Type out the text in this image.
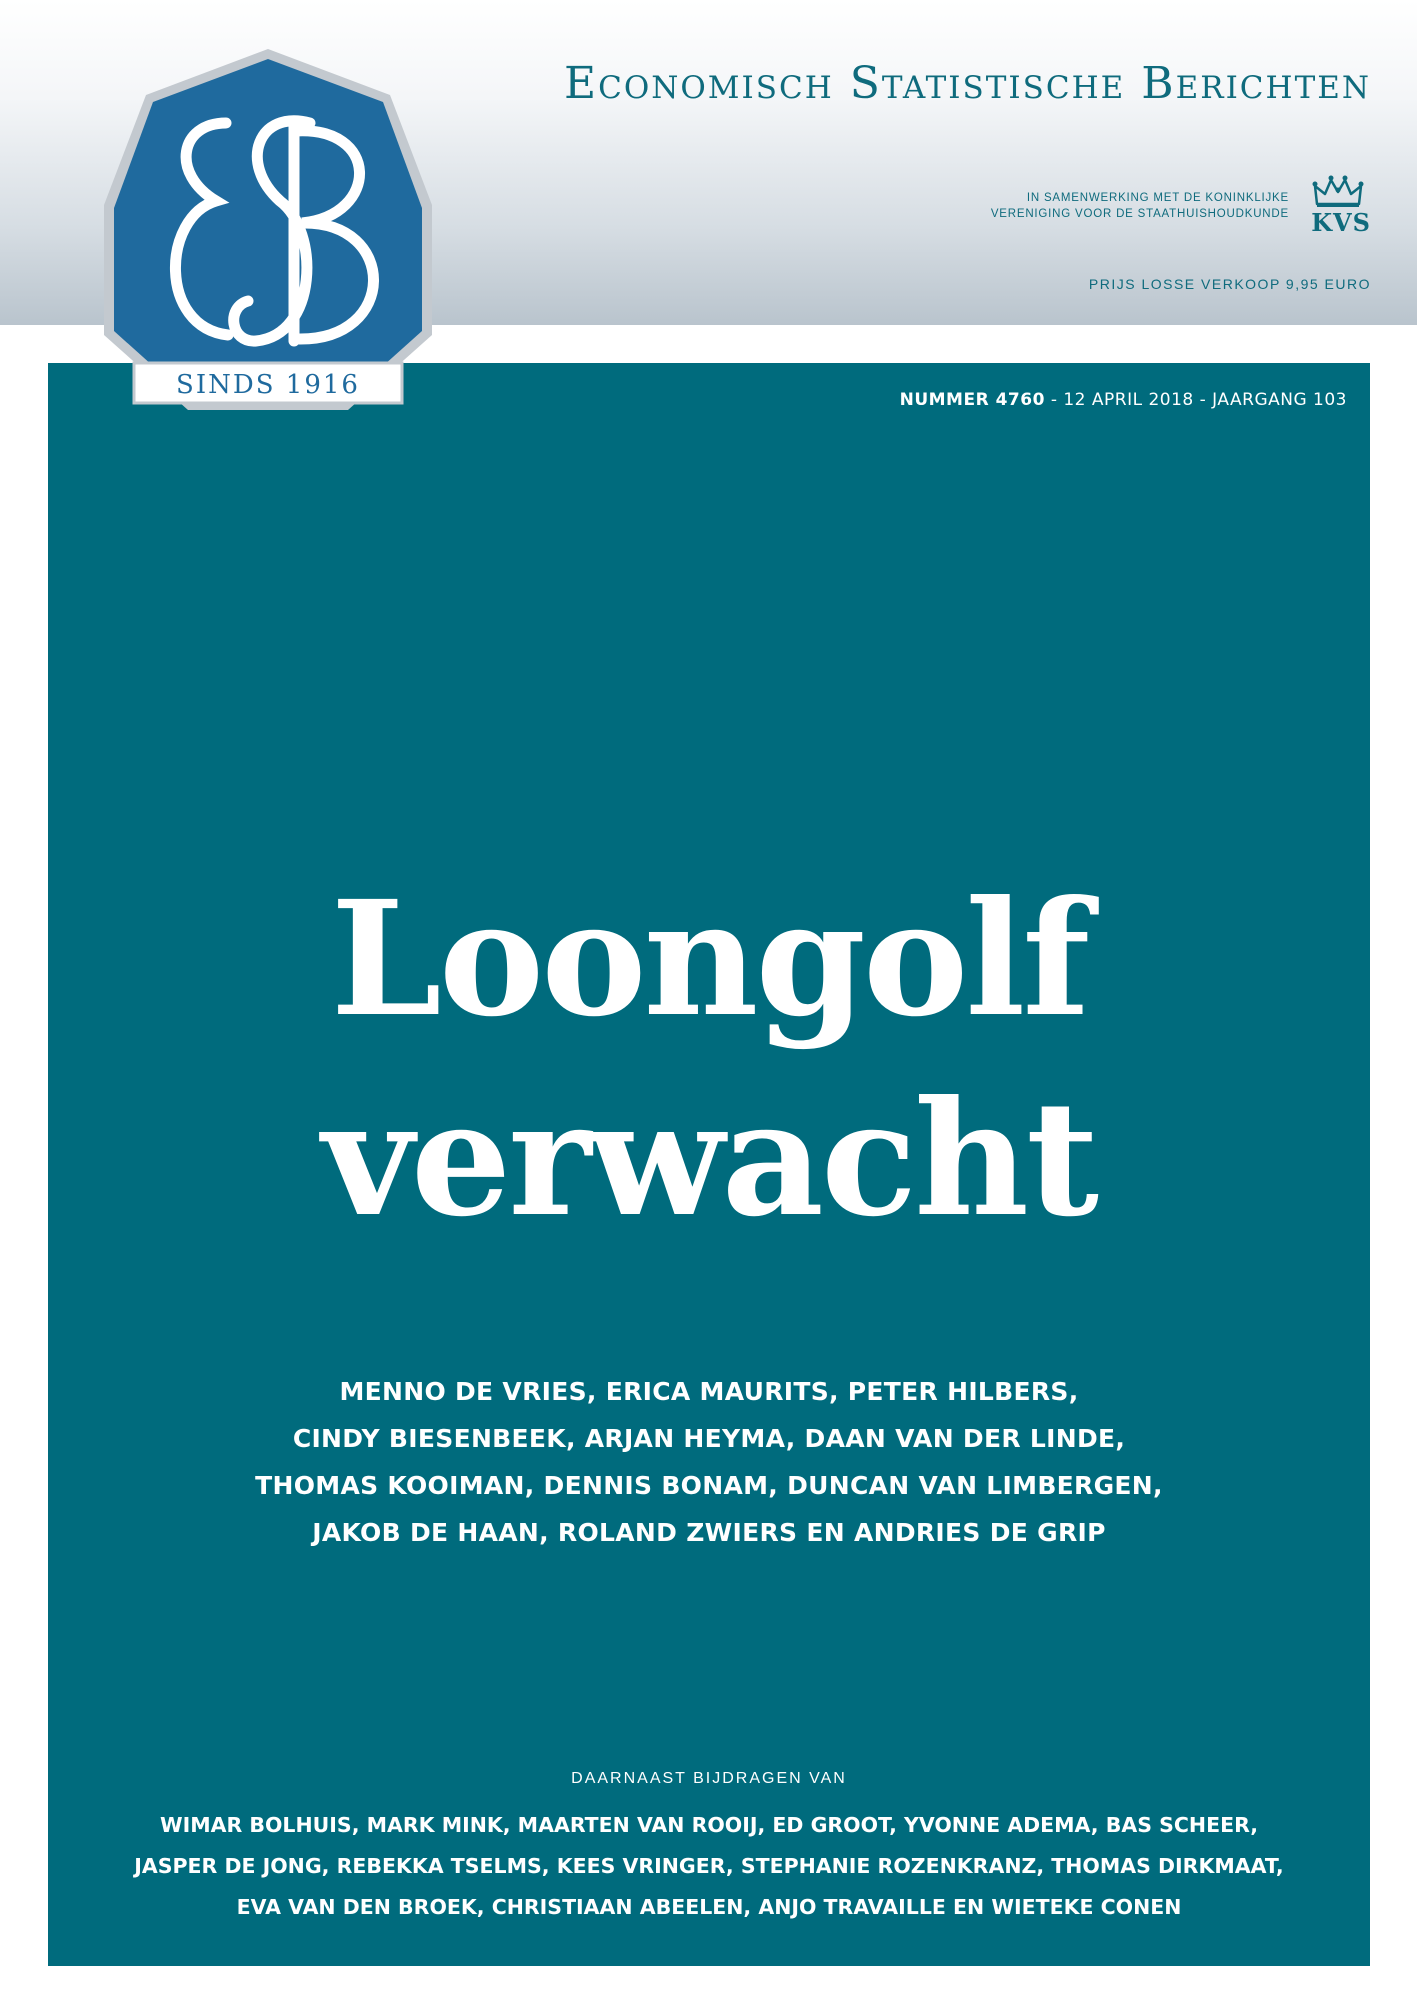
Economisch Statistische Berichten
IN SAMENWERKING MET DE KONINKLIJKE
VERENIGING VOOR DE STAATHUISHOUDKUNDE KVS

PRIJS LOSSE VERKOOP 9,95 EURO

NUMMER 4760 - 12 APRIL 2018 - JAARGANG 103

SINDS 1916
Loongolf
verwacht
MENNO DE VRIES, ERICA MAURITS, PETER HILBERS,
CINDY BIESENBEEK, ARJAN HEYMA, DAAN VAN DER LINDE,
THOMAS KOOIMAN, DENNIS BONAM, DUNCAN VAN LIMBERGEN,
JAKOB DE HAAN, ROLAND ZWIERS EN ANDRIES DE GRIP

DAARNAAST BIJDRAGEN VAN

WIMAR BOLHUIS, MARK MINK, MAARTEN VAN ROOIJ, ED GROOT, YVONNE ADEMA, BAS SCHEER,
JASPER DE JONG, REBEKKA TSELMS, KEES VRINGER, STEPHANIE ROZENKRANZ, THOMAS DIRKMAAT,
EVA VAN DEN BROEK, CHRISTIAAN ABEELEN, ANJO TRAVAILLE EN WIETEKE CONEN
